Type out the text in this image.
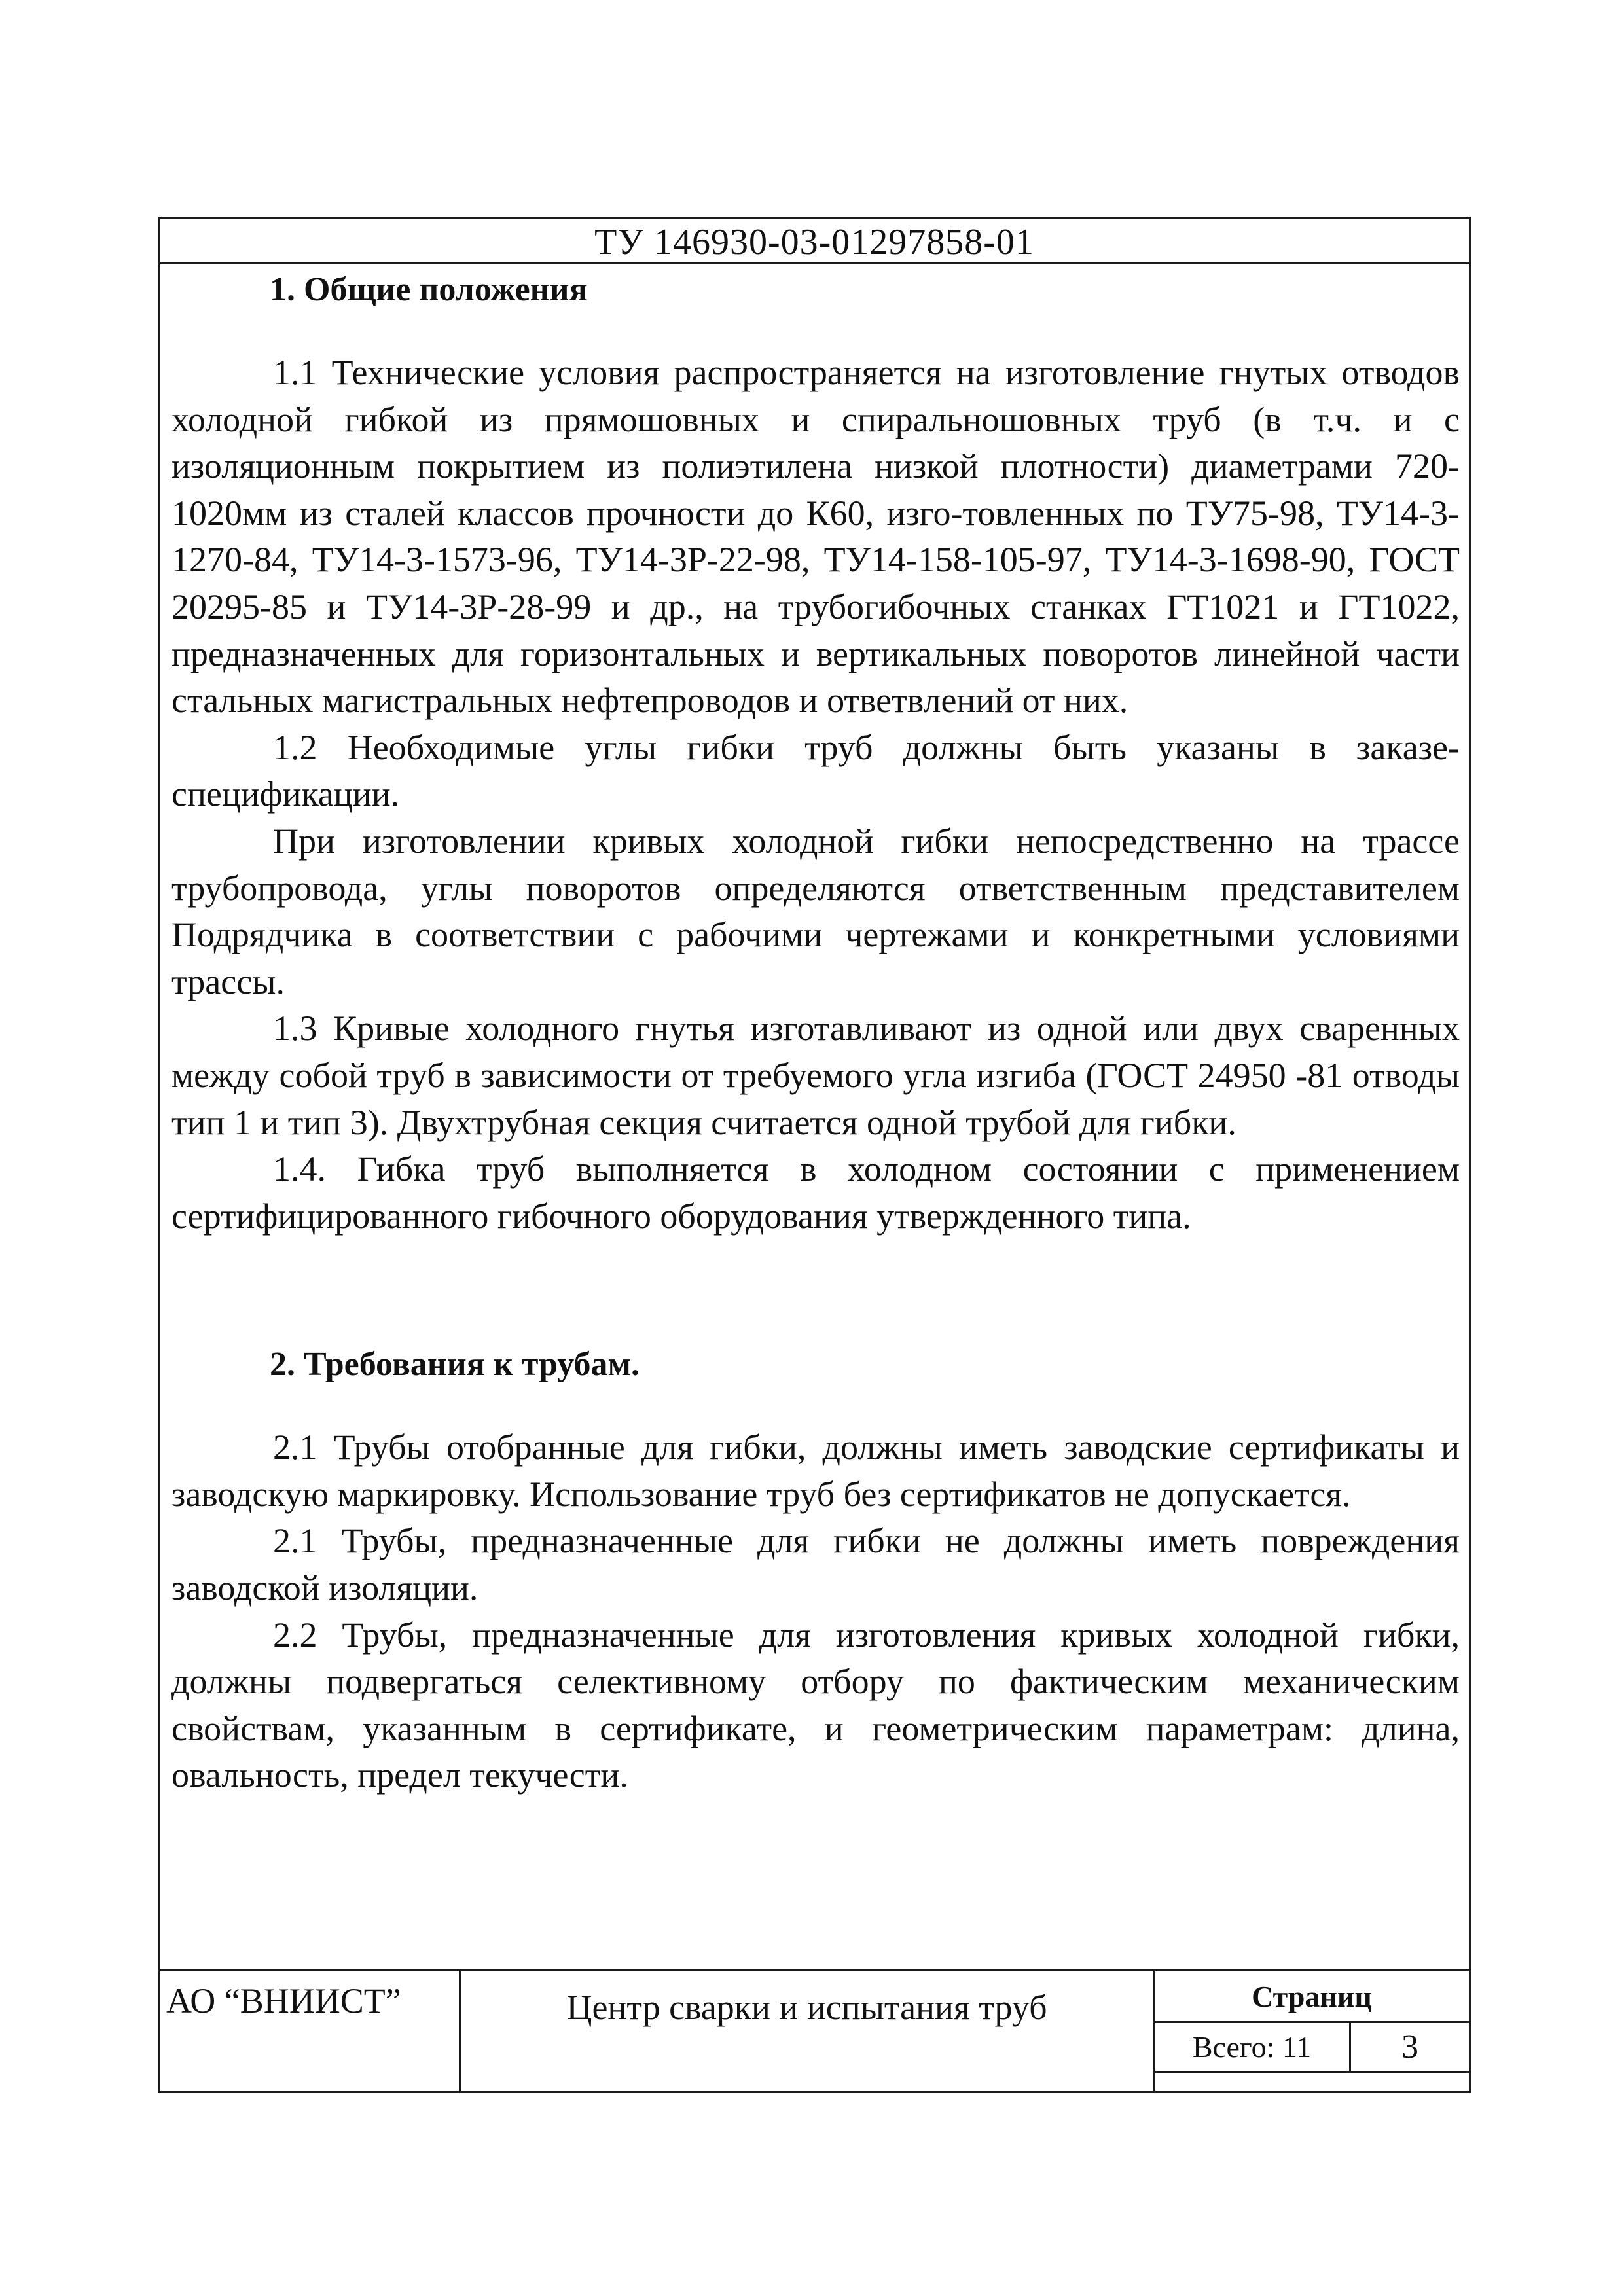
ТУ 146930-03-01297858-01

1. Общие положения

1.1 Технические условия распространяется на изготовление гнутых отводов холодной гибкой из прямошовных и спиральношовных труб (в т.ч. и с изоляционным покрытием из полиэтилена низкой плотности) диаметрами 720-1020мм из сталей классов прочности до К60, изго-товленных по ТУ75-98, ТУ14-3-1270-84, ТУ14-3-1573-96, ТУ14-3Р-22-98, ТУ14-158-105-97, ТУ14-3-1698-90, ГОСТ 20295-85 и ТУ14-3Р-28-99 и др., на трубогибочных станках ГТ1021 и ГТ1022, предназначенных для горизонтальных и вертикальных поворотов линейной части стальных магистральных нефтепроводов и ответвлений от них.

1.2 Необходимые углы гибки труб должны быть указаны в заказе-спецификации.

При изготовлении кривых холодной гибки непосредственно на трассе трубопровода, углы поворотов определяются ответственным представителем Подрядчика в соответствии с рабочими чертежами и конкретными условиями трассы.

1.3 Кривые холодного гнутья изготавливают из одной или двух сваренных между собой труб в зависимости от требуемого угла изгиба (ГОСТ 24950 -81 отводы тип 1 и тип 3). Двухтрубная секция считается одной трубой для гибки.

1.4. Гибка труб выполняется в холодном состоянии с применением сертифицированного гибочного оборудования утвержденного типа.

2. Требования к трубам.

2.1 Трубы отобранные для гибки, должны иметь заводские сертификаты и заводскую маркировку. Использование труб без сертификатов не допускается.

2.1 Трубы, предназначенные для гибки не должны иметь повреждения заводской изоляции.

2.2 Трубы, предназначенные для изготовления кривых холодной гибки, должны подвергаться селективному отбору по фактическим механическим свойствам, указанным в сертификате, и геометрическим параметрам: длина, овальность, предел текучести.

АО “ВНИИСТ”	Центр сварки и испытания труб	Страниц
Всего: 11	3
